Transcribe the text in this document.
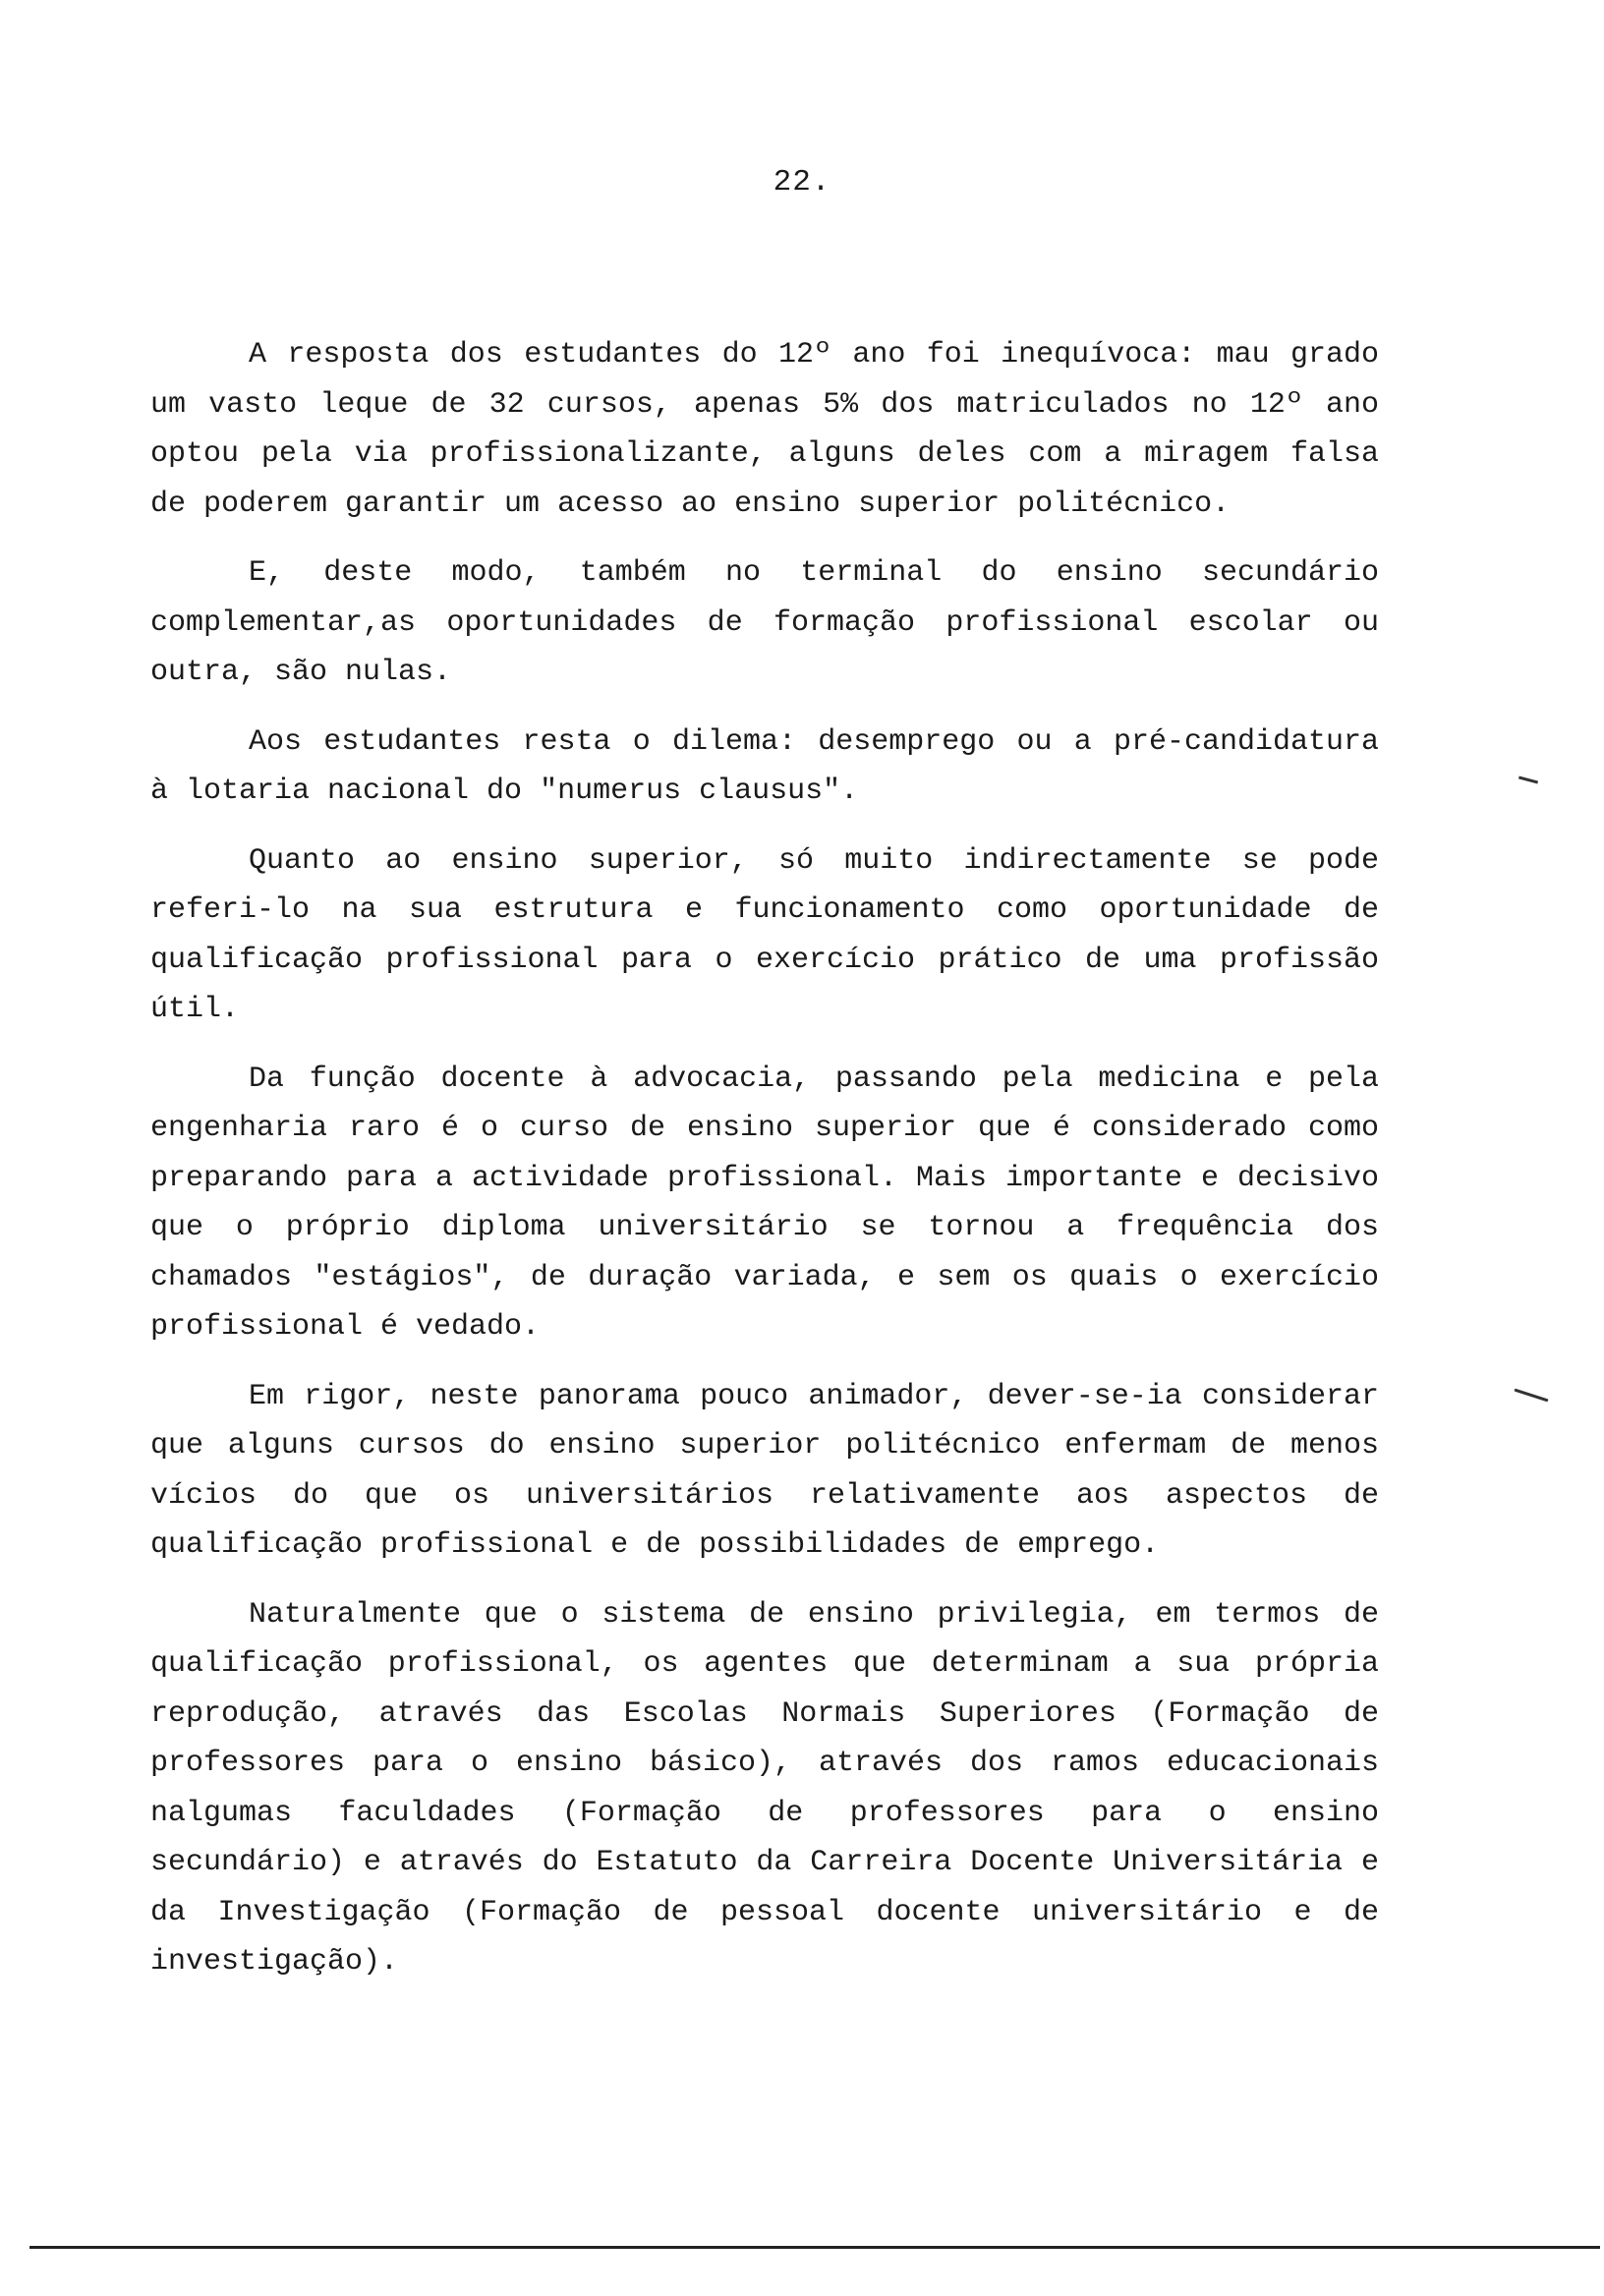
22.

A resposta dos estudantes do 12º ano foi inequívoca: mau grado um vasto leque de 32 cursos, apenas 5% dos matriculados no 12º ano optou pela via profissionalizante, alguns deles com a miragem falsa de poderem garantir um acesso ao ensino superior politécnico.

E, deste modo, também no terminal do ensino secundário complementar,as oportunidades de formação profissional escolar ou outra, são nulas.

Aos estudantes resta o dilema: desemprego ou a pré-candidatura à lotaria nacional do "numerus clausus".

Quanto ao ensino superior, só muito indirectamente se pode referi-lo na sua estrutura e funcionamento como oportunidade de qualificação profissional para o exercício prático de uma profissão útil.

Da função docente à advocacia, passando pela medicina e pela engenharia raro é o curso de ensino superior que é considerado como preparando para a actividade profissional. Mais importante e decisivo que o próprio diploma universitário se tornou a frequência dos chamados "estágios", de duração variada, e sem os quais o exercício profissional é vedado.

Em rigor, neste panorama pouco animador, dever-se-ia considerar que alguns cursos do ensino superior politécnico enfermam de menos vícios do que os universitários relativamente aos aspectos de qualificação profissional e de possibilidades de emprego.

Naturalmente que o sistema de ensino privilegia, em termos de qualificação profissional, os agentes que determinam a sua própria reprodução, através das Escolas Normais Superiores (Formação de professores para o ensino básico), através dos ramos educacionais nalgumas faculdades (Formação de professores para o ensino secundário) e através do Estatuto da Carreira Docente Universitária e da Investigação (Formação de pessoal docente universitário e de investigação).
